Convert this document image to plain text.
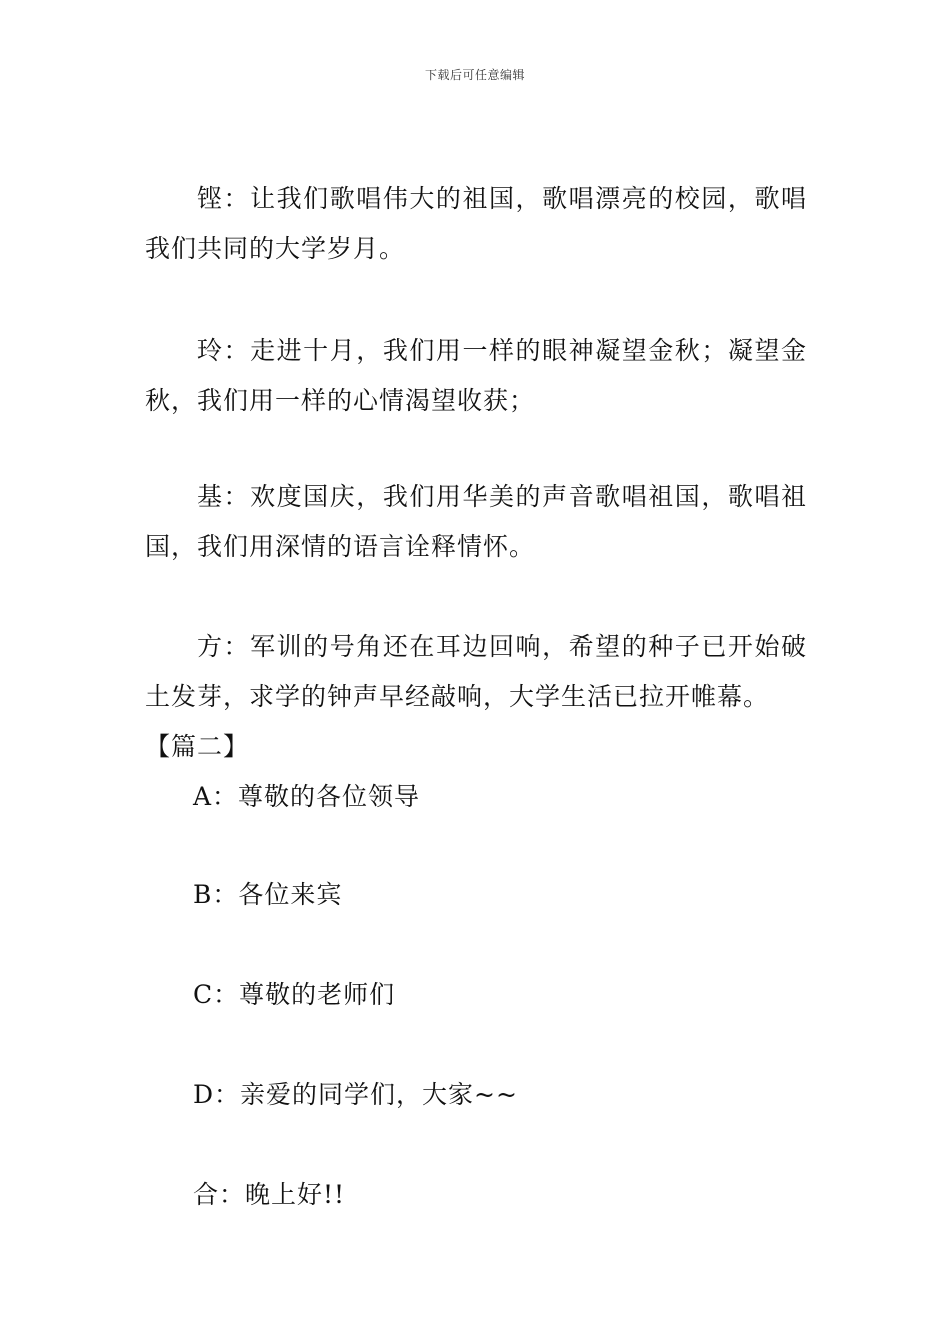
下载后可任意编辑

铿：让我们歌唱伟大的祖国，歌唱漂亮的校园，歌唱我们共同的大学岁月。

玲：走进十月，我们用一样的眼神凝望金秋；凝望金秋，我们用一样的心情渴望收获；

基：欢度国庆，我们用华美的声音歌唱祖国，歌唱祖国，我们用深情的语言诠释情怀。

方：军训的号角还在耳边回响，希望的种子已开始破土发芽，求学的钟声早经敲响，大学生活已拉开帷幕。

【篇二】

A：尊敬的各位领导

B：各位来宾

C：尊敬的老师们

D：亲爱的同学们，大家~~

合：晚上好!!
